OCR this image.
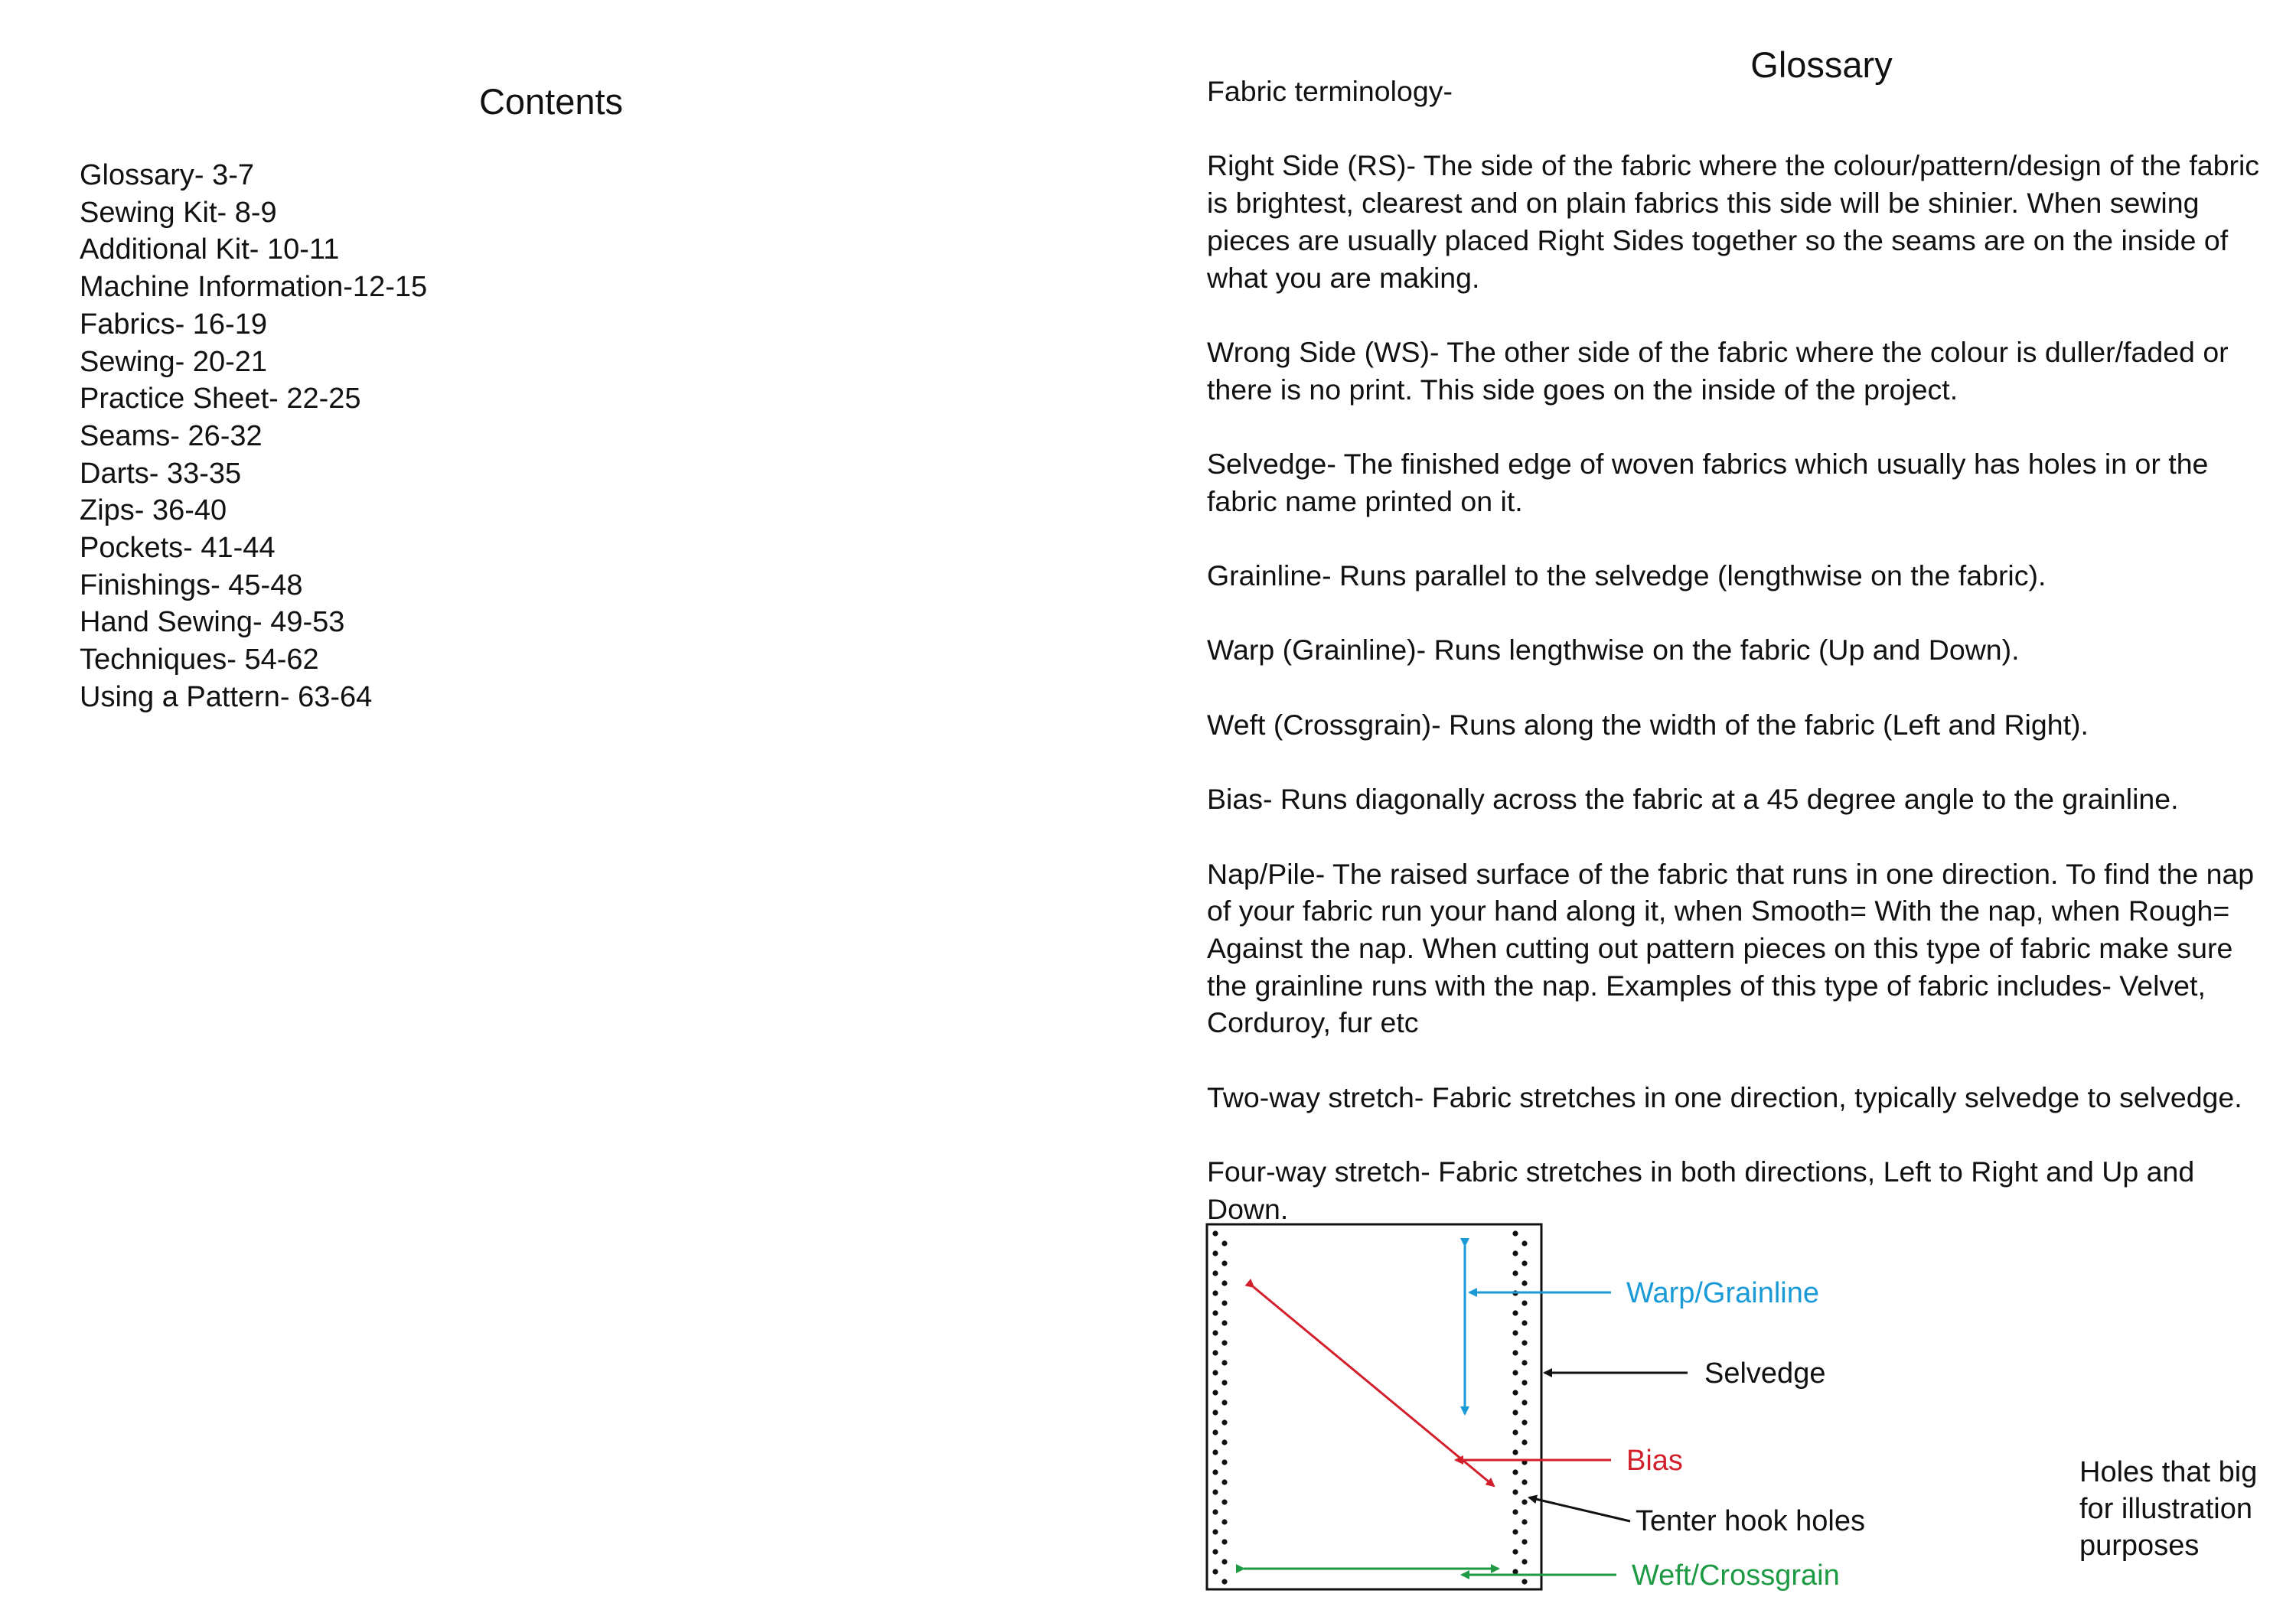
Contents
Glossary- 3-7
Sewing Kit- 8-9
Additional Kit- 10-11
Machine Information-12-15
Fabrics- 16-19
Sewing- 20-21
Practice Sheet- 22-25
Seams- 26-32
Darts- 33-35
Zips- 36-40
Pockets- 41-44
Finishings- 45-48
Hand Sewing- 49-53
Techniques- 54-62
Using a Pattern- 63-64
Glossary

Fabric terminology-

Right Side (RS)- The side of the fabric where the colour/pattern/design of the fabric is brightest, clearest and on plain fabrics this side will be shinier. When sewing pieces are usually placed Right Sides together so the seams are on the inside of what you are making.

Wrong Side (WS)- The other side of the fabric where the colour is duller/faded or there is no print. This side goes on the inside of the project.

Selvedge- The finished edge of woven fabrics which usually has holes in or the fabric name printed on it.

Grainline- Runs parallel to the selvedge (lengthwise on the fabric).

Warp (Grainline)- Runs lengthwise on the fabric (Up and Down).

Weft (Crossgrain)- Runs along the width of the fabric (Left and Right).

Bias- Runs diagonally across the fabric at a 45 degree angle to the grainline.

Nap/Pile- The raised surface of the fabric that runs in one direction. To find the nap of your fabric run your hand along it, when Smooth= With the nap, when Rough= Against the nap. When cutting out pattern pieces on this type of fabric make sure the grainline runs with the nap. Examples of this type of fabric includes- Velvet, Corduroy, fur etc

Two-way stretch- Fabric stretches in one direction, typically selvedge to selvedge.

Four-way stretch- Fabric stretches in both directions, Left to Right and Up and Down.

Warp/Grainline
Selvedge
Bias
Tenter hook holes
Weft/Crossgrain
Holes that big
for illustration
purposes
